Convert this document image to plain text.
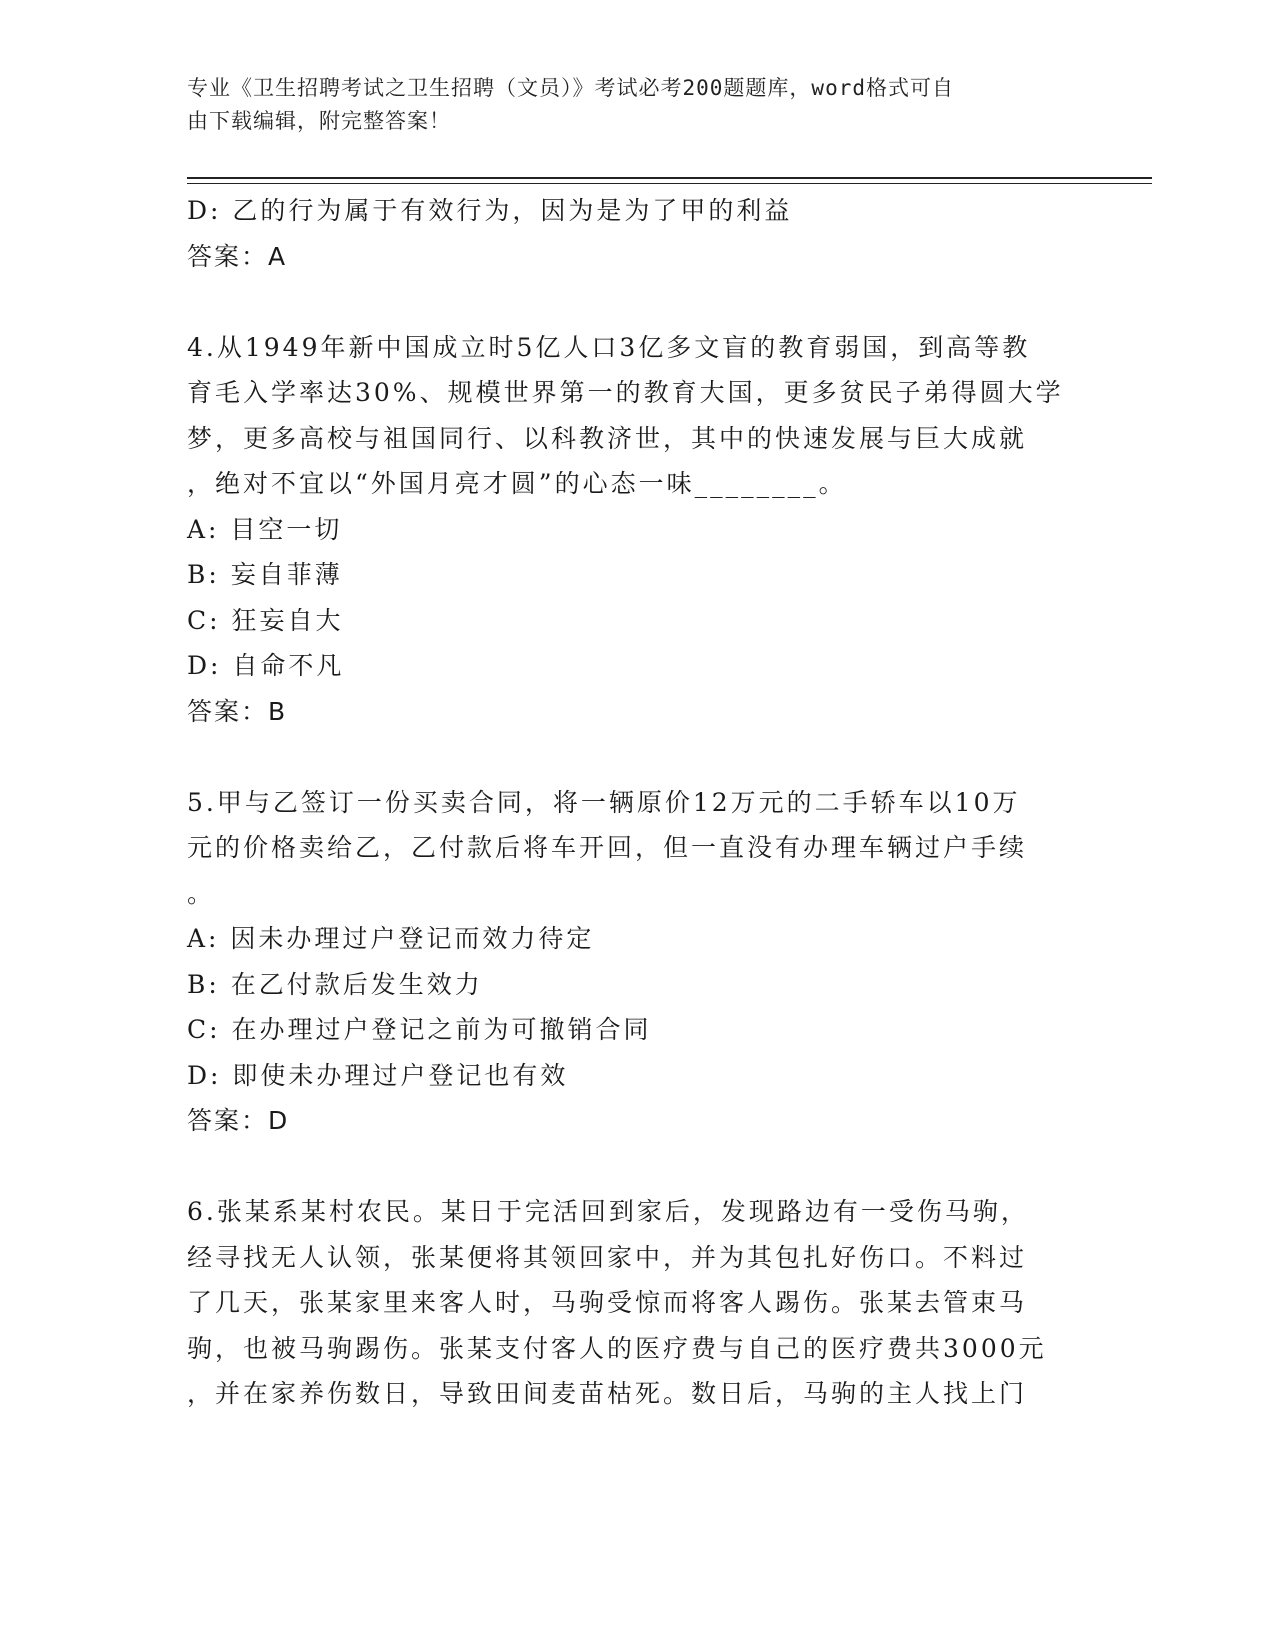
专业《卫生招聘考试之卫生招聘（文员）》考试必考200题题库，word格式可自
由下载编辑，附完整答案！
D: 乙的行为属于有效行为，因为是为了甲的利益
答案：A
4.从1949年新中国成立时5亿人口3亿多文盲的教育弱国，到高等教
育毛入学率达30%、规模世界第一的教育大国，更多贫民子弟得圆大学
梦，更多高校与祖国同行、以科教济世，其中的快速发展与巨大成就
，绝对不宜以“外国月亮才圆”的心态一味________。
A: 目空一切
B: 妄自菲薄
C: 狂妄自大
D: 自命不凡
答案：B
5.甲与乙签订一份买卖合同，将一辆原价12万元的二手轿车以10万
元的价格卖给乙，乙付款后将车开回，但一直没有办理车辆过户手续
。
A: 因未办理过户登记而效力待定
B: 在乙付款后发生效力
C: 在办理过户登记之前为可撤销合同
D: 即使未办理过户登记也有效
答案：D
6.张某系某村农民。某日于完活回到家后，发现路边有一受伤马驹，
经寻找无人认领，张某便将其领回家中，并为其包扎好伤口。不料过
了几天，张某家里来客人时，马驹受惊而将客人踢伤。张某去管束马
驹，也被马驹踢伤。张某支付客人的医疗费与自己的医疗费共3000元
，并在家养伤数日，导致田间麦苗枯死。数日后，马驹的主人找上门
